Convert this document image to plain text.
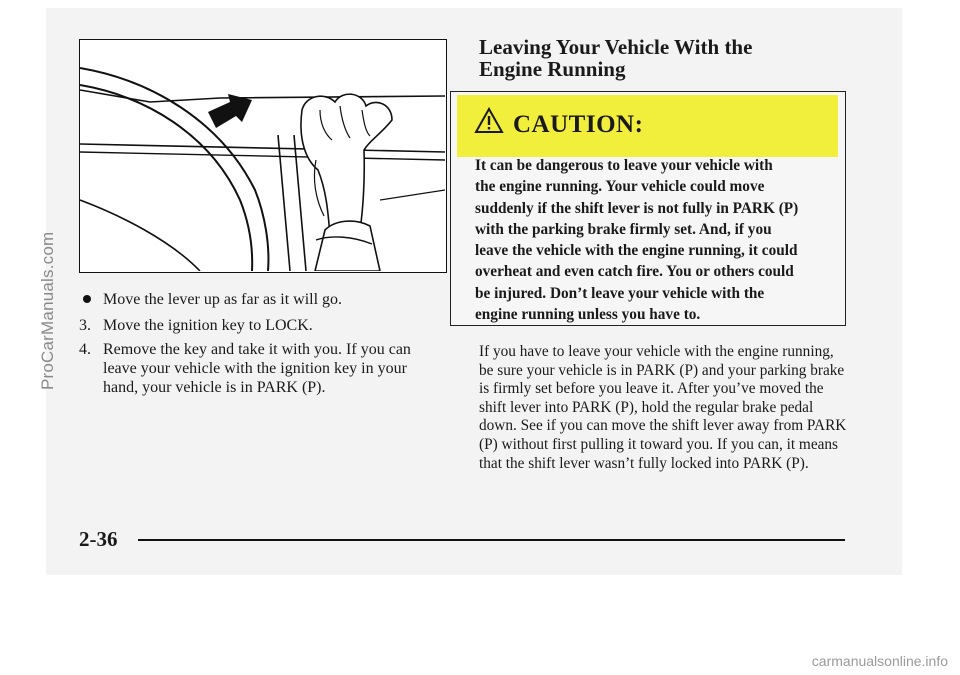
Move the lever up as far as it will go.
3. Move the ignition key to LOCK.
4. Remove the key and take it with you. If you can leave your vehicle with the ignition key in your hand, your vehicle is in PARK (P).
Leaving Your Vehicle With the
Engine Running
CAUTION:
It can be dangerous to leave your vehicle with
the engine running. Your vehicle could move
suddenly if the shift lever is not fully in PARK (P)
with the parking brake firmly set. And, if you
leave the vehicle with the engine running, it could
overheat and even catch fire. You or others could
be injured. Don’t leave your vehicle with the
engine running unless you have to.
If you have to leave your vehicle with the engine running, be sure your vehicle is in PARK (P) and your parking brake is firmly set before you leave it. After you’ve moved the shift lever into PARK (P), hold the regular brake pedal down. See if you can move the shift lever away from PARK (P) without first pulling it toward you. If you can, it means that the shift lever wasn’t fully locked into PARK (P).
2-36
ProCarManuals.com
carmanualsonline.info
